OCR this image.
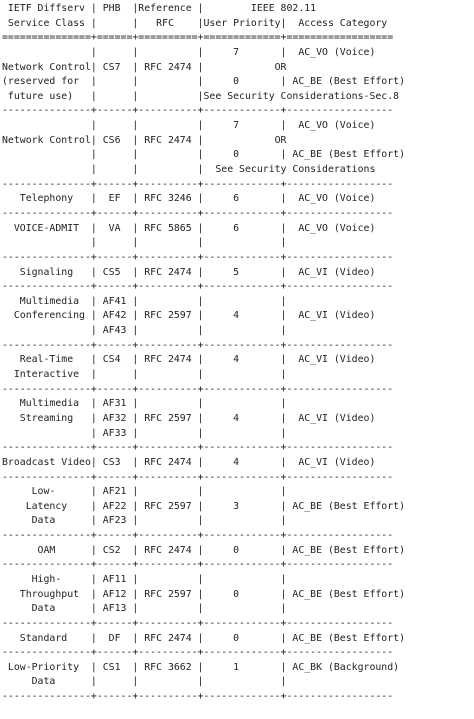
IETF Diffserv | PHB  |Reference |        IEEE 802.11
Service Class |      |   RFC    |User Priority|  Access Category
===============+======+==========+=============+==================
|      |          |     7       |  AC_VO (Voice)
Network Control| CS7  | RFC 2474 |            OR
(reserved for  |      |          |     0       | AC_BE (Best Effort)
future use)   |      |          |See Security Considerations-Sec.8
---------------+------+----------+-------------+------------------
|      |          |     7       |  AC_VO (Voice)
Network Control| CS6  | RFC 2474 |            OR
|      |          |     0       | AC_BE (Best Effort)
|      |          |  See Security Considerations
---------------+------+----------+-------------+------------------
Telephony   |  EF  | RFC 3246 |     6       |  AC_VO (Voice)
---------------+------+----------+-------------+------------------
VOICE-ADMIT  |  VA  | RFC 5865 |     6       |  AC_VO (Voice)
|      |          |             |
---------------+------+----------+-------------+------------------
Signaling   | CS5  | RFC 2474 |     5       |  AC_VI (Video)
---------------+------+----------+-------------+------------------
Multimedia  | AF41 |          |             |
Conferencing | AF42 | RFC 2597 |     4       |  AC_VI (Video)
| AF43 |          |             |
---------------+------+----------+-------------+------------------
Real-Time   | CS4  | RFC 2474 |     4       |  AC_VI (Video)
Interactive  |      |          |             |
---------------+------+----------+-------------+------------------
Multimedia  | AF31 |          |             |
Streaming   | AF32 | RFC 2597 |     4       |  AC_VI (Video)
| AF33 |          |             |
---------------+------+----------+-------------+------------------
Broadcast Video| CS3  | RFC 2474 |     4       |  AC_VI (Video)
---------------+------+----------+-------------+------------------
Low-      | AF21 |          |             |
Latency    | AF22 | RFC 2597 |     3       | AC_BE (Best Effort)
Data      | AF23 |          |             |
---------------+------+----------+-------------+------------------
OAM      | CS2  | RFC 2474 |     0       | AC_BE (Best Effort)
---------------+------+----------+-------------+------------------
High-     | AF11 |          |             |
Throughput  | AF12 | RFC 2597 |     0       | AC_BE (Best Effort)
Data      | AF13 |          |             |
---------------+------+----------+-------------+------------------
Standard    |  DF  | RFC 2474 |     0       | AC_BE (Best Effort)
---------------+------+----------+-------------+------------------
Low-Priority  | CS1  | RFC 3662 |     1       | AC_BK (Background)
Data      |      |          |             |
---------------+------+----------+-------------+------------------
